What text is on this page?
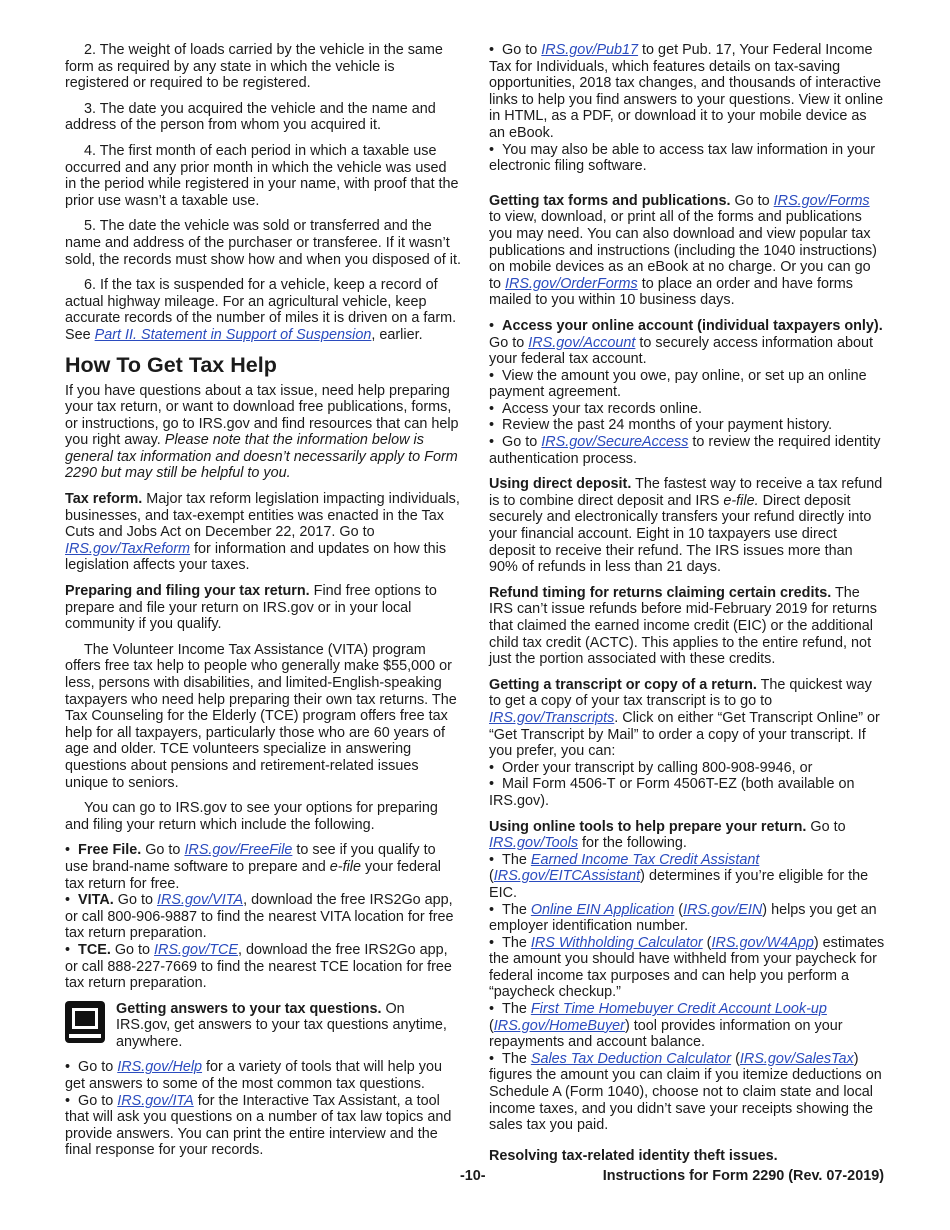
2. The weight of loads carried by the vehicle in the same form as required by any state in which the vehicle is registered or required to be registered.

3. The date you acquired the vehicle and the name and address of the person from whom you acquired it.

4. The first month of each period in which a taxable use occurred and any prior month in which the vehicle was used in the period while registered in your name, with proof that the prior use wasn’t a taxable use.

5. The date the vehicle was sold or transferred and the name and address of the purchaser or transferee. If it wasn’t sold, the records must show how and when you disposed of it.

6. If the tax is suspended for a vehicle, keep a record of actual highway mileage. For an agricultural vehicle, keep accurate records of the number of miles it is driven on a farm. See Part II. Statement in Support of Suspension, earlier.

How To Get Tax Help

If you have questions about a tax issue, need help preparing your tax return, or want to download free publications, forms, or instructions, go to IRS.gov and find resources that can help you right away. Please note that the information below is general tax information and doesn’t necessarily apply to Form 2290 but may still be helpful to you.

Tax reform. Major tax reform legislation impacting individuals, businesses, and tax-exempt entities was enacted in the Tax Cuts and Jobs Act on December 22, 2017. Go to IRS.gov/TaxReform for information and updates on how this legislation affects your taxes.

Preparing and filing your tax return. Find free options to prepare and file your return on IRS.gov or in your local community if you qualify.

The Volunteer Income Tax Assistance (VITA) program offers free tax help to people who generally make $55,000 or less, persons with disabilities, and limited-English-speaking taxpayers who need help preparing their own tax returns. The Tax Counseling for the Elderly (TCE) program offers free tax help for all taxpayers, particularly those who are 60 years of age and older. TCE volunteers specialize in answering questions about pensions and retirement-related issues unique to seniors.

You can go to IRS.gov to see your options for preparing and filing your return which include the following.

•  Free File. Go to IRS.gov/FreeFile to see if you qualify to use brand-name software to prepare and e-file your federal tax return for free.

•  VITA. Go to IRS.gov/VITA, download the free IRS2Go app, or call 800-906-9887 to find the nearest VITA location for free tax return preparation.

•  TCE. Go to IRS.gov/TCE, download the free IRS2Go app, or call 888-227-7669 to find the nearest TCE location for free tax return preparation.

Getting answers to your tax questions. On IRS.gov, get answers to your tax questions anytime, anywhere.

•  Go to IRS.gov/Help for a variety of tools that will help you get answers to some of the most common tax questions.

•  Go to IRS.gov/ITA for the Interactive Tax Assistant, a tool that will ask you questions on a number of tax law topics and provide answers. You can print the entire interview and the final response for your records.

•  Go to IRS.gov/Pub17 to get Pub. 17, Your Federal Income Tax for Individuals, which features details on tax-saving opportunities, 2018 tax changes, and thousands of interactive links to help you find answers to your questions. View it online in HTML, as a PDF, or download it to your mobile device as an eBook.

•  You may also be able to access tax law information in your electronic filing software.

Getting tax forms and publications. Go to IRS.gov/Forms to view, download, or print all of the forms and publications you may need. You can also download and view popular tax publications and instructions (including the 1040 instructions) on mobile devices as an eBook at no charge. Or you can go to IRS.gov/OrderForms to place an order and have forms mailed to you within 10 business days.

•  Access your online account (individual taxpayers only). Go to IRS.gov/Account to securely access information about your federal tax account.

•  View the amount you owe, pay online, or set up an online payment agreement.

•  Access your tax records online.

•  Review the past 24 months of your payment history.

•  Go to IRS.gov/SecureAccess to review the required identity authentication process.

Using direct deposit. The fastest way to receive a tax refund is to combine direct deposit and IRS e-file. Direct deposit securely and electronically transfers your refund directly into your financial account. Eight in 10 taxpayers use direct deposit to receive their refund. The IRS issues more than 90% of refunds in less than 21 days.

Refund timing for returns claiming certain credits. The IRS can’t issue refunds before mid-February 2019 for returns that claimed the earned income credit (EIC) or the additional child tax credit (ACTC). This applies to the entire refund, not just the portion associated with these credits.

Getting a transcript or copy of a return. The quickest way to get a copy of your tax transcript is to go to IRS.gov/Transcripts. Click on either “Get Transcript Online” or “Get Transcript by Mail” to order a copy of your transcript. If you prefer, you can:

•  Order your transcript by calling 800-908-9946, or

•  Mail Form 4506-T or Form 4506T-EZ (both available on IRS.gov).

Using online tools to help prepare your return. Go to IRS.gov/Tools for the following.

•  The Earned Income Tax Credit Assistant (IRS.gov/EITCAssistant) determines if you’re eligible for the EIC.

•  The Online EIN Application (IRS.gov/EIN) helps you get an employer identification number.

•  The IRS Withholding Calculator (IRS.gov/W4App) estimates the amount you should have withheld from your paycheck for federal income tax purposes and can help you perform a “paycheck checkup.”

•  The First Time Homebuyer Credit Account Look-up (IRS.gov/HomeBuyer) tool provides information on your repayments and account balance.

•  The Sales Tax Deduction Calculator (IRS.gov/SalesTax) figures the amount you can claim if you itemize deductions on Schedule A (Form 1040), choose not to claim state and local income taxes, and you didn’t save your receipts showing the sales tax you paid.

Resolving tax-related identity theft issues.

-10-	Instructions for Form 2290 (Rev. 07-2019)
